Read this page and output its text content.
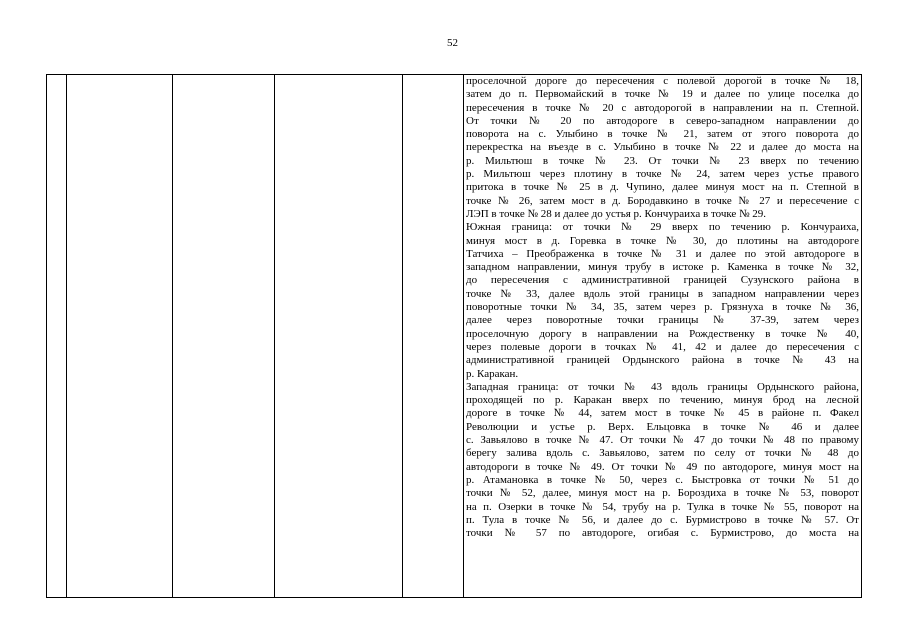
52

проселочной дороге до пересечения с полевой дорогой в точке № 18,
затем до п. Первомайский в точке № 19 и далее по улице поселка до
пересечения в точке № 20 с автодорогой в направлении на п. Степной.
От точки № 20 по автодороге в северо-западном направлении до
поворота на с. Улыбино в точке № 21, затем от этого поворота до
перекрестка на въезде в с. Улыбино в точке № 22 и далее до моста на
р. Мильтюш в точке № 23. От точки № 23 вверх по течению
р. Мильтюш через плотину в точке № 24, затем через устье правого
притока в точке № 25 в д. Чупино, далее минуя мост на п. Степной в
точке № 26, затем мост в д. Бородавкино в точке № 27 и пересечение с
ЛЭП в точке № 28 и далее до устья р. Кончураиха в точке № 29.
Южная граница: от точки № 29 вверх по течению р. Кончураиха,
минуя мост в д. Горевка в точке № 30, до плотины на автодороге
Татчиха – Преображенка в точке № 31 и далее по этой автодороге в
западном направлении, минуя трубу в истоке р. Каменка в точке № 32,
до пересечения с административной границей Сузунского района в
точке № 33, далее вдоль этой границы в западном направлении через
поворотные точки № 34, 35, затем через р. Грязнуха в точке № 36,
далее через поворотные точки границы № 37-39, затем через
проселочную дорогу в направлении на Рождественку в точке № 40,
через полевые дороги в точках № 41, 42 и далее до пересечения с
административной границей Ордынского района в точке № 43 на
р. Каракан.
Западная граница: от точки № 43 вдоль границы Ордынского района,
проходящей по р. Каракан вверх по течению, минуя брод на лесной
дороге в точке № 44, затем мост в точке № 45 в районе п. Факел
Революции и устье р. Верх. Ельцовка в точке № 46 и далее
с. Завьялово в точке № 47. От точки № 47 до точки № 48 по правому
берегу залива вдоль с. Завьялово, затем по селу от точки № 48 до
автодороги в точке № 49. От точки № 49 по автодороге, минуя мост на
р. Атамановка в точке № 50, через с. Быстровка от точки № 51 до
точки № 52, далее, минуя мост на р. Бороздиха в точке № 53, поворот
на п. Озерки в точке № 54, трубу на р. Тулка в точке № 55, поворот на
п. Тула в точке № 56, и далее до с. Бурмистрово в точке № 57. От
точки № 57 по автодороге, огибая с. Бурмистрово, до моста на
